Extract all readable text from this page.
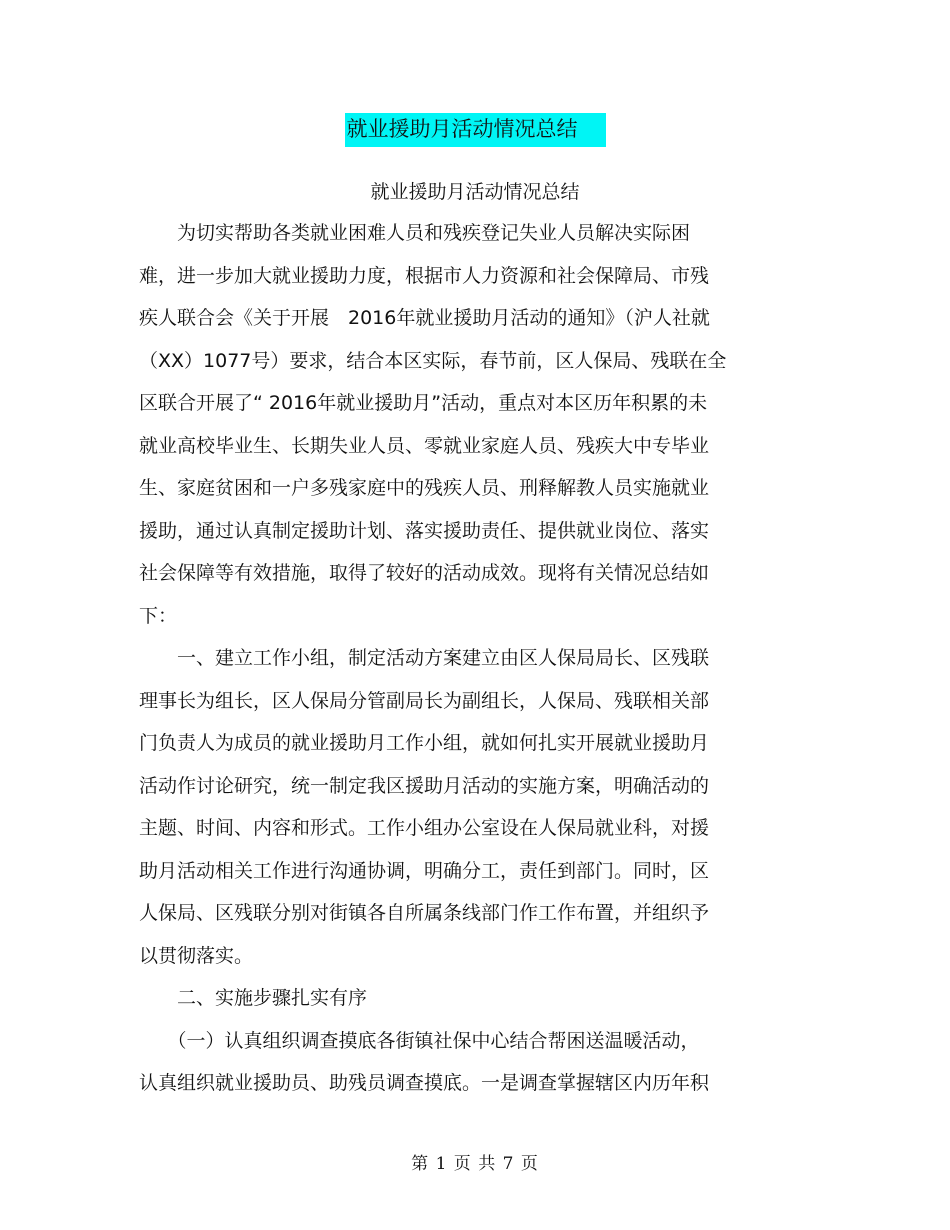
就业援助月活动情况总结
就业援助月活动情况总结
　　为切实帮助各类就业困难人员和残疾登记失业人员解决实际困
难，进一步加大就业援助力度，根据市人力资源和社会保障局、市残
疾人联合会《关于开展　2016年就业援助月活动的通知》（沪人社就
（XX）1077号）要求，结合本区实际，春节前，区人保局、残联在全
区联合开展了“ 2016年就业援助月”活动，重点对本区历年积累的未
就业高校毕业生、长期失业人员、零就业家庭人员、残疾大中专毕业
生、家庭贫困和一户多残家庭中的残疾人员、刑释解教人员实施就业
援助，通过认真制定援助计划、落实援助责任、提供就业岗位、落实
社会保障等有效措施，取得了较好的活动成效。现将有关情况总结如
下：
　　一、建立工作小组，制定活动方案建立由区人保局局长、区残联
理事长为组长，区人保局分管副局长为副组长，人保局、残联相关部
门负责人为成员的就业援助月工作小组，就如何扎实开展就业援助月
活动作讨论研究，统一制定我区援助月活动的实施方案，明确活动的
主题、时间、内容和形式。工作小组办公室设在人保局就业科，对援
助月活动相关工作进行沟通协调，明确分工，责任到部门。同时，区
人保局、区残联分别对街镇各自所属条线部门作工作布置，并组织予
以贯彻落实。
　　二、实施步骤扎实有序
　　（一）认真组织调查摸底各街镇社保中心结合帮困送温暖活动，
认真组织就业援助员、助残员调查摸底。一是调查掌握辖区内历年积
第 1 页 共 7 页
